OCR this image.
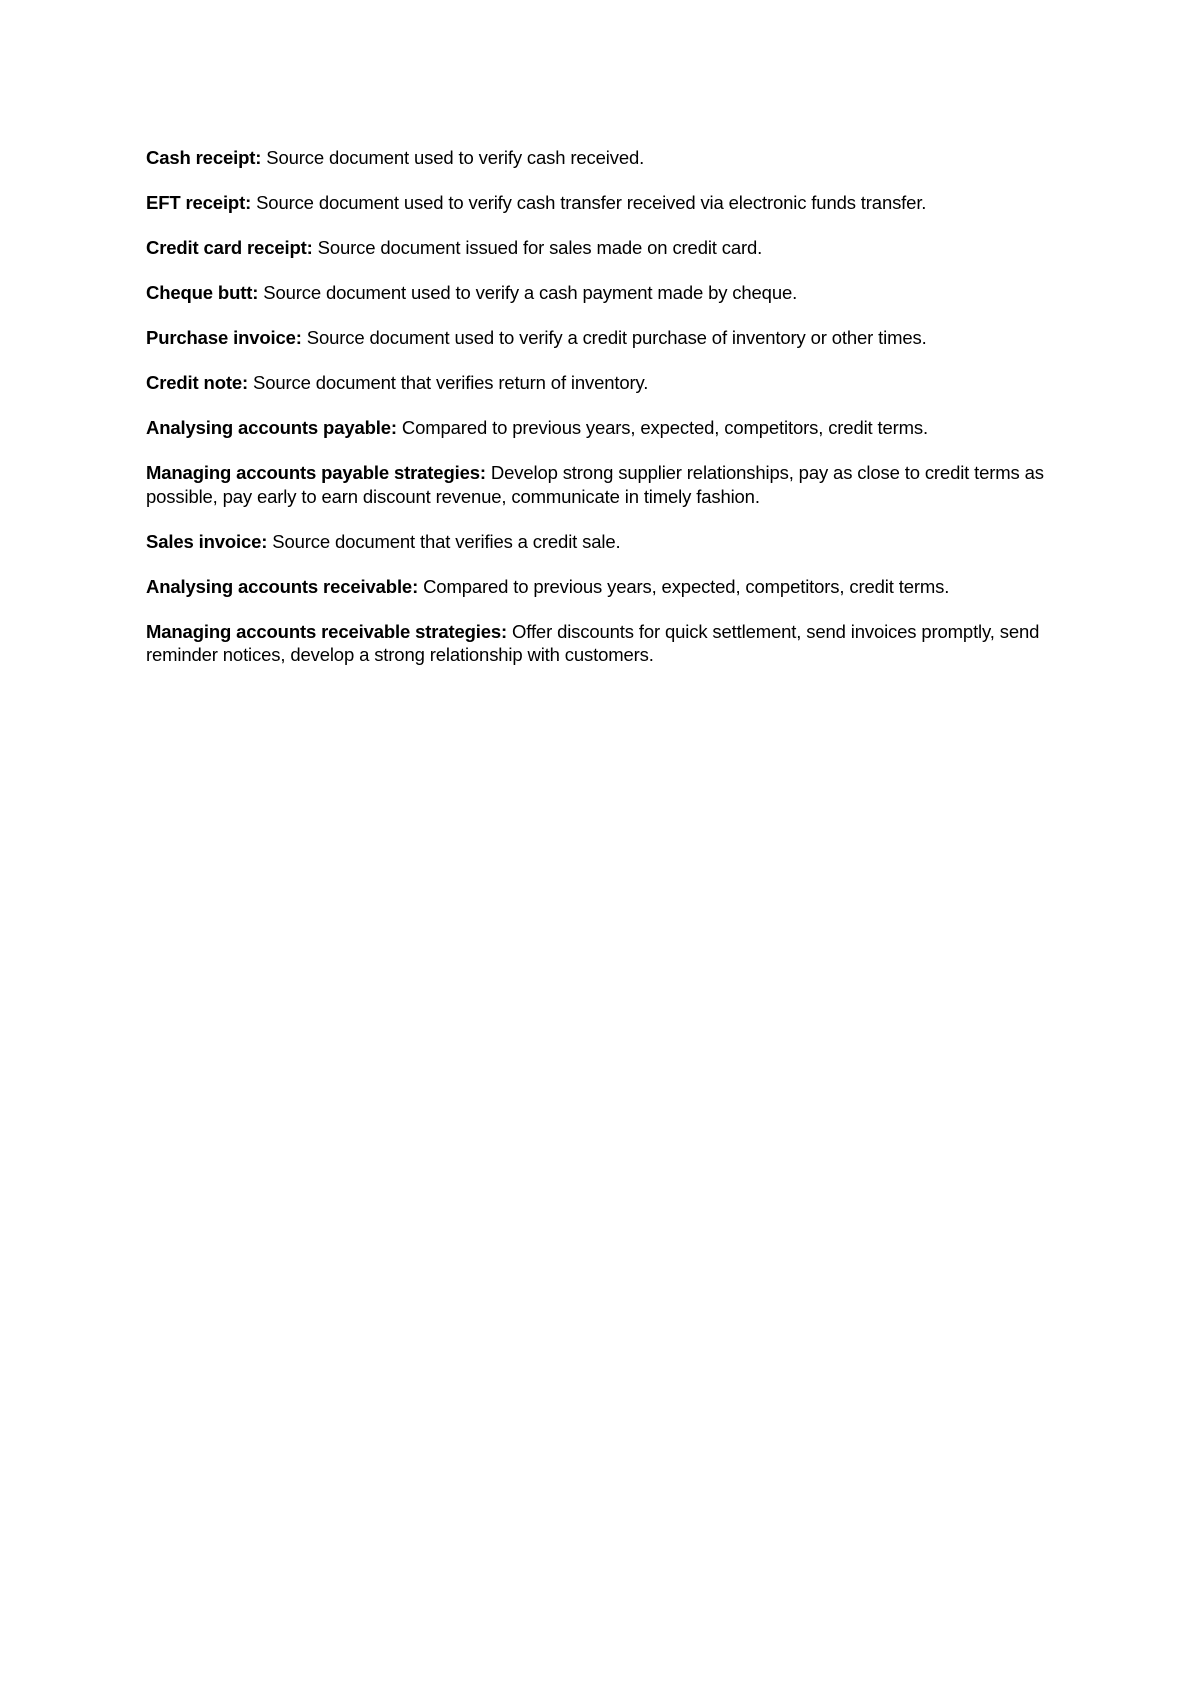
Cash receipt: Source document used to verify cash received.

EFT receipt: Source document used to verify cash transfer received via electronic funds transfer.

Credit card receipt: Source document issued for sales made on credit card.

Cheque butt: Source document used to verify a cash payment made by cheque.

Purchase invoice: Source document used to verify a credit purchase of inventory or other times.

Credit note: Source document that verifies return of inventory.

Analysing accounts payable: Compared to previous years, expected, competitors, credit terms.

Managing accounts payable strategies: Develop strong supplier relationships, pay as close to credit terms as possible, pay early to earn discount revenue, communicate in timely fashion.

Sales invoice: Source document that verifies a credit sale.

Analysing accounts receivable: Compared to previous years, expected, competitors, credit terms.

Managing accounts receivable strategies: Offer discounts for quick settlement, send invoices promptly, send reminder notices, develop a strong relationship with customers.
